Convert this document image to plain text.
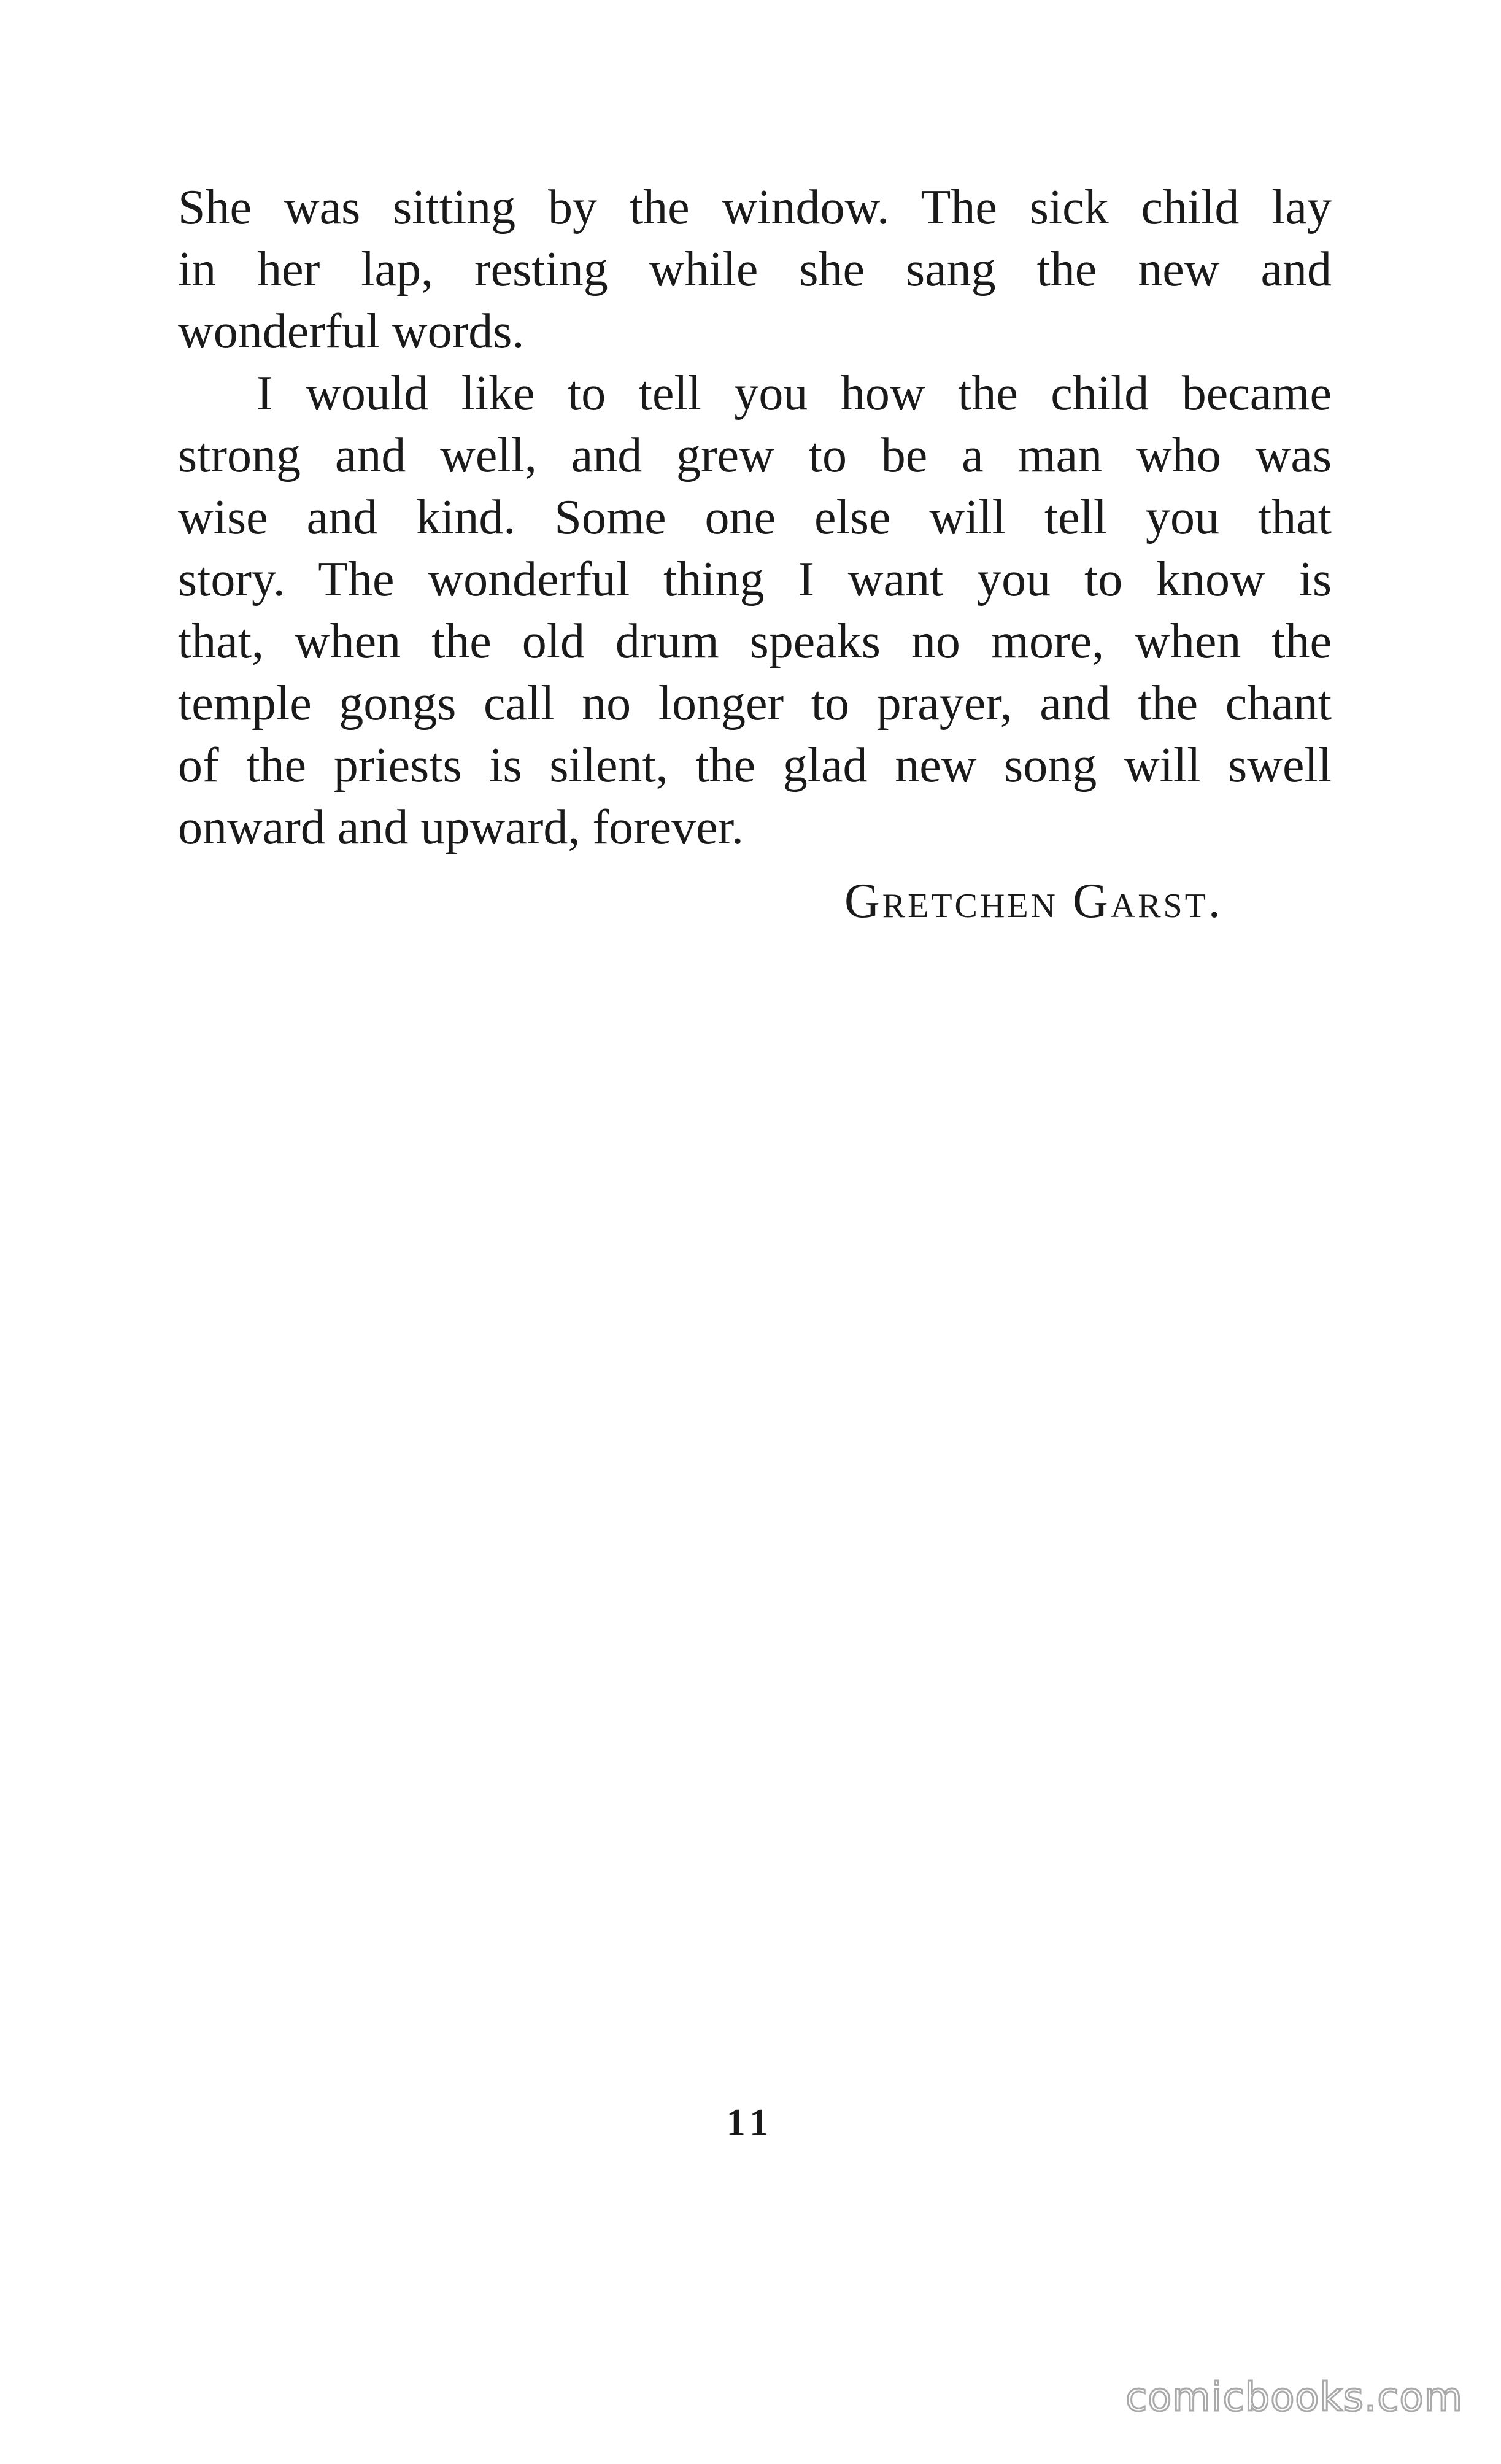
She was sitting by the window. The sick child lay
in her lap, resting while she sang the new and
wonderful words.
I would like to tell you how the child became
strong and well, and grew to be a man who was
wise and kind. Some one else will tell you that
story. The wonderful thing I want you to know is
that, when the old drum speaks no more, when the
temple gongs call no longer to prayer, and the chant
of the priests is silent, the glad new song will swell
onward and upward, forever.
Gretchen Garst.
11
comicbooks.com
